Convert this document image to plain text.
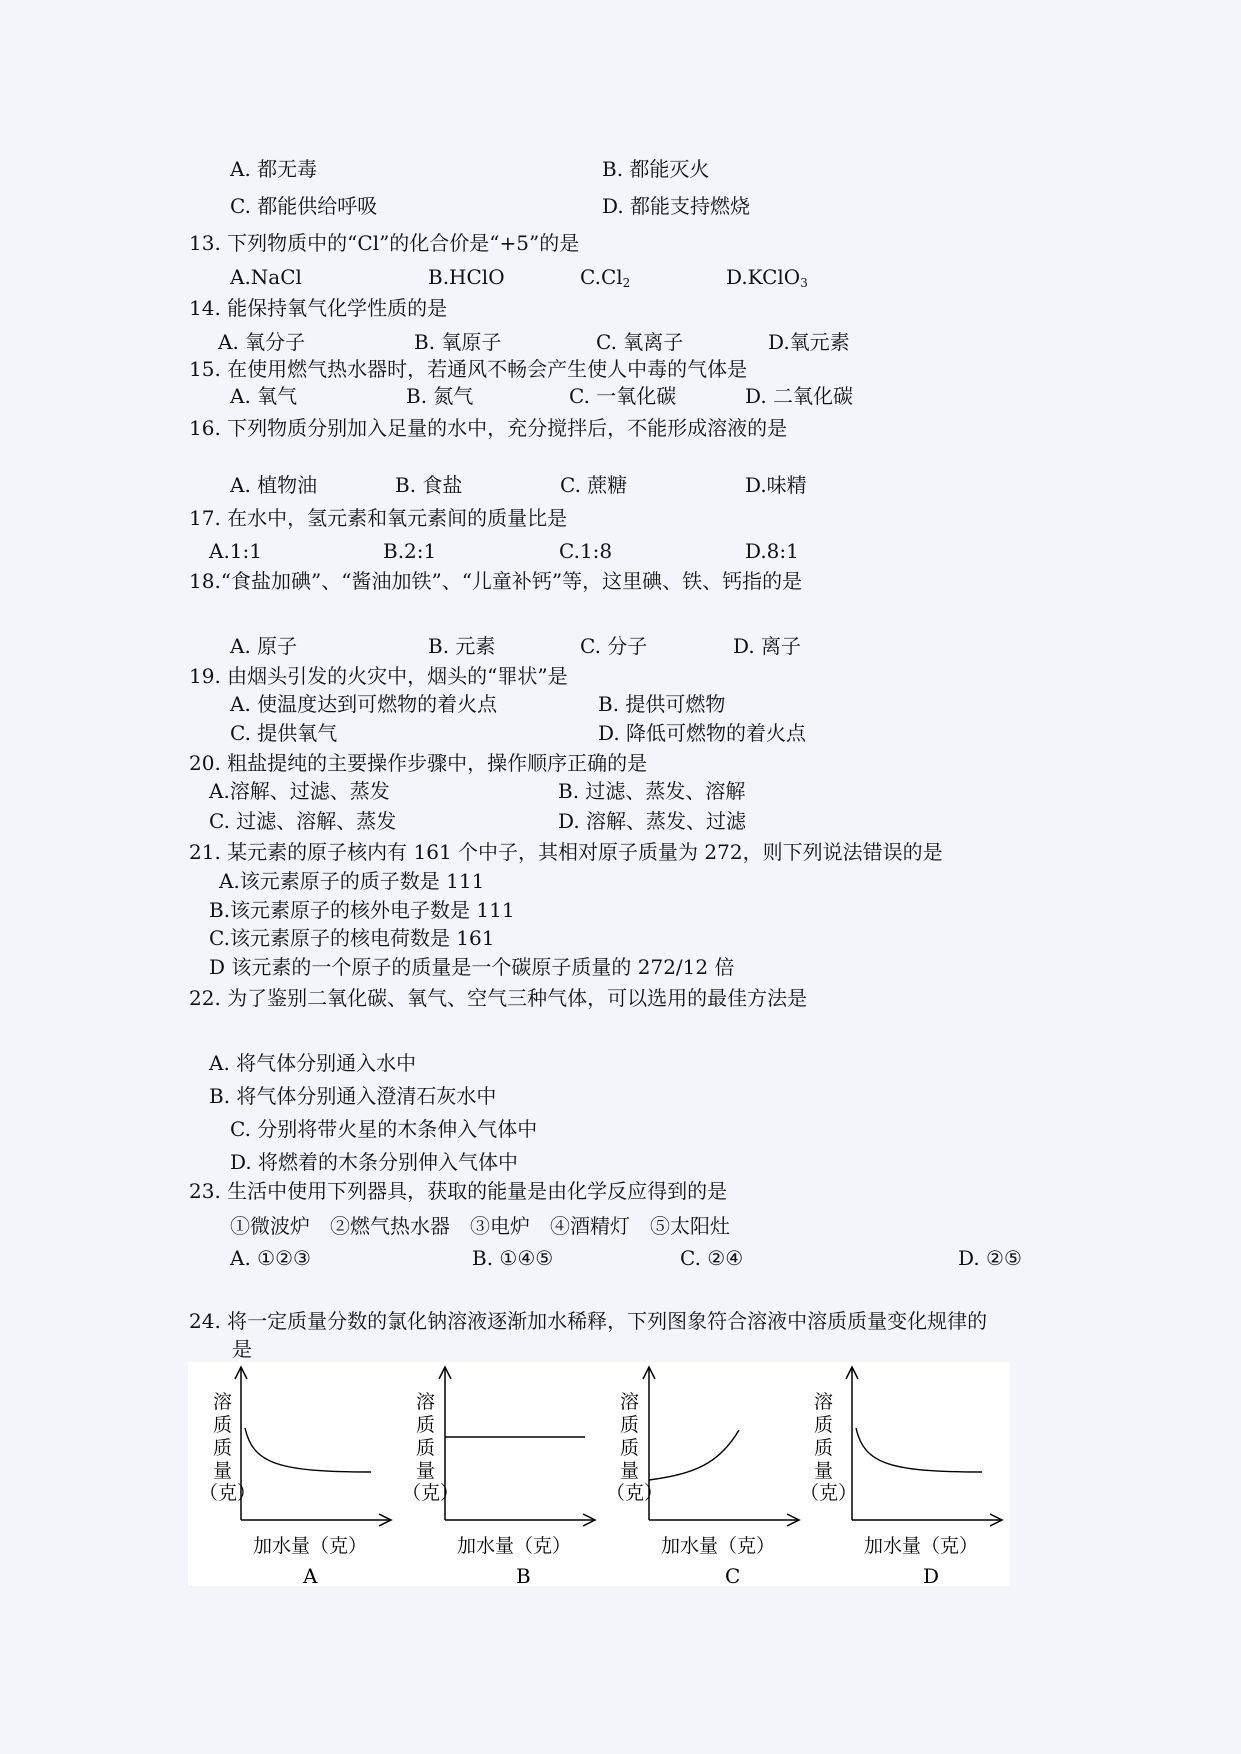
A. 都无毒	B. 都能灭火
C. 都能供给呼吸	D. 都能支持燃烧
13. 下列物质中的“Cl”的化合价是“+5”的是
A.NaCl	B.HClO	$C.Cl_2$	D.KClO$_3$
14. 能保持氧气化学性质的是
A. 氧分子	B. 氧原子	C. 氧离子	D.氧元素
15. 在使用燃气热水器时，若通风不畅会产生使人中毒的气体是
A. 氧气	B. 氮气	C. 一氧化碳	D. 二氧化碳
16. 下列物质分别加入足量的水中，充分搅拌后，不能形成溶液的是
A. 植物油	B. 食盐	C. 蔗糖	D.味精
17. 在水中，氢元素和氧元素间的质量比是
A.1:1	B.2:1	C.1:8	D.8:1
18.“食盐加碘”、“酱油加铁”、“儿童补钙”等，这里碘、铁、钙指的是
A. 原子	B. 元素	C. 分子	D. 离子
19. 由烟头引发的火灾中，烟头的“罪状”是
A. 使温度达到可燃物的着火点	B. 提供可燃物
C. 提供氧气	D. 降低可燃物的着火点
20. 粗盐提纯的主要操作步骤中，操作顺序正确的是
A.溶解、过滤、蒸发	B. 过滤、蒸发、溶解
C. 过滤、溶解、蒸发	D. 溶解、蒸发、过滤
21. 某元素的原子核内有 161 个中子，其相对原子质量为 272，则下列说法错误的是
A.该元素原子的质子数是 111
B.该元素原子的核外电子数是 111
C.该元素原子的核电荷数是 161
D 该元素的一个原子的质量是一个碳原子质量的 272/12 倍
22. 为了鉴别二氧化碳、氧气、空气三种气体，可以选用的最佳方法是
A. 将气体分别通入水中
B. 将气体分别通入澄清石灰水中
C. 分别将带火星的木条伸入气体中
D. 将燃着的木条分别伸入气体中
23. 生活中使用下列器具，获取的能量是由化学反应得到的是
①微波炉　②燃气热水器　③电炉　④酒精灯　⑤太阳灶
A. ①②③	B. ①④⑤	C. ②④	D. ②⑤
24. 将一定质量分数的氯化钠溶液逐渐加水稀释，下列图象符合溶液中溶质质量变化规律的
是
溶
质
质
量
（克）
加水量（克）
A
溶
质
质
量
（克）
加水量（克）
B
溶
质
质
量
（克）
加水量（克）
C
溶
质
质
量
（克）
加水量（克）
D
